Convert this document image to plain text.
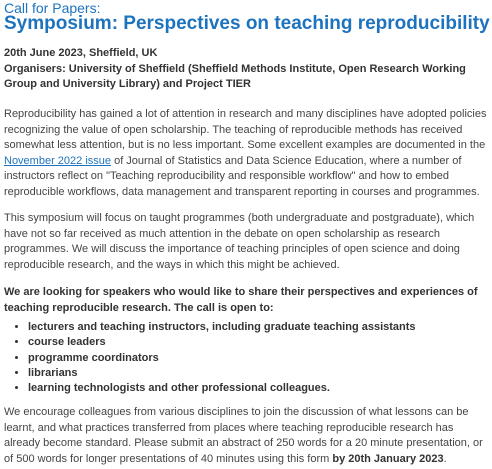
Call for Papers:
Symposium: Perspectives on teaching reproducibility
20th June 2023, Sheffield, UK
Organisers: University of Sheffield (Sheffield Methods Institute, Open Research Working Group and University Library) and Project TIER

Reproducibility has gained a lot of attention in research and many disciplines have adopted policies recognizing the value of open scholarship. The teaching of reproducible methods has received somewhat less attention, but is no less important. Some excellent examples are documented in the November 2022 issue of Journal of Statistics and Data Science Education, where a number of instructors reflect on "Teaching reproducibility and responsible workflow" and how to embed reproducible workflows, data management and transparent reporting in courses and programmes.

This symposium will focus on taught programmes (both undergraduate and postgraduate), which have not so far received as much attention in the debate on open scholarship as research programmes. We will discuss the importance of teaching principles of open science and doing reproducible research, and the ways in which this might be achieved.

We are looking for speakers who would like to share their perspectives and experiences of teaching reproducible research. The call is open to:

• lecturers and teaching instructors, including graduate teaching assistants
• course leaders
• programme coordinators
• librarians
• learning technologists and other professional colleagues.

We encourage colleagues from various disciplines to join the discussion of what lessons can be learnt, and what practices transferred from places where teaching reproducible research has already become standard. Please submit an abstract of 250 words for a 20 minute presentation, or of 500 words for longer presentations of 40 minutes using this form by 20th January 2023.
